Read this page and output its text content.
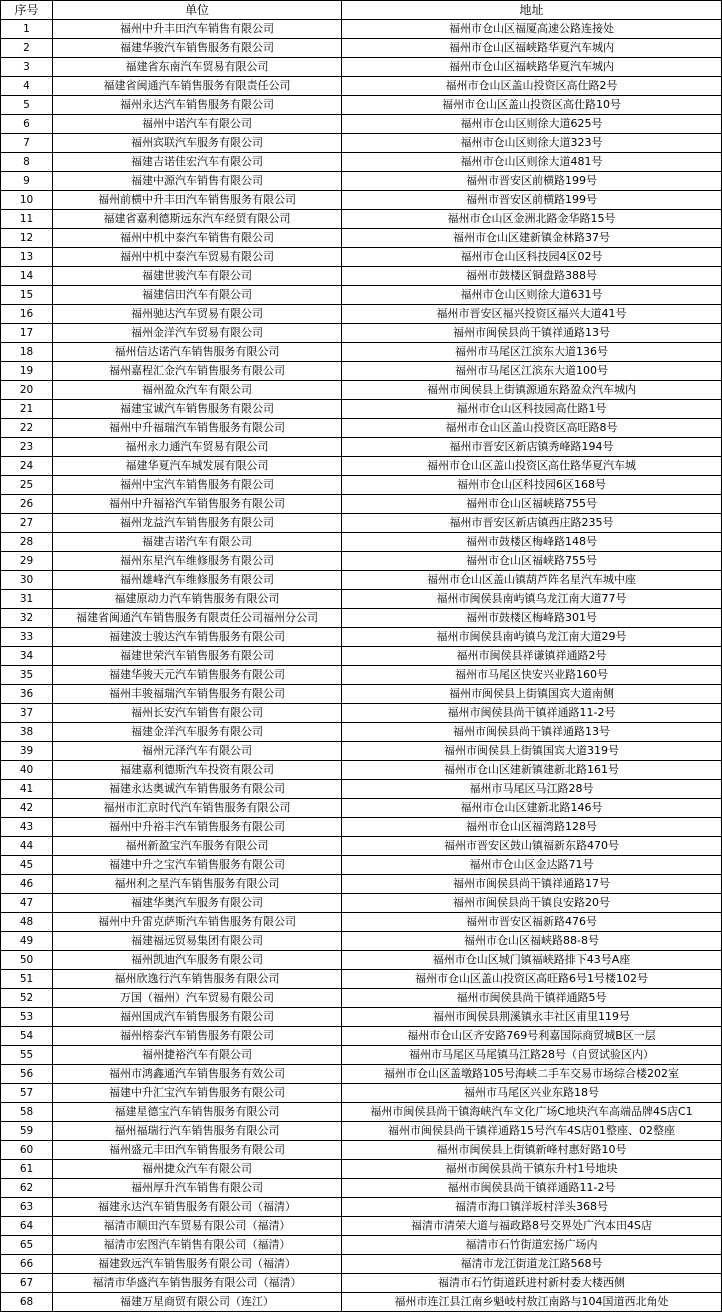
序号	单位	地址
1	福州中升丰田汽车销售有限公司	福州市仓山区福厦高速公路连接处
2	福建华骏汽车销售服务有限公司	福州市仓山区福峡路华夏汽车城内
3	福建省东南汽车贸易有限公司	福州市仓山区福峡路华夏汽车城内
4	福建省闽通汽车销售服务有限责任公司	福州市仓山区盖山投资区高仕路2号
5	福州永达汽车销售服务有限公司	福州市仓山区盖山投资区高仕路10号
6	福州中诺汽车有限公司	福州市仓山区则徐大道625号
7	福州宾联汽车服务有限公司	福州市仓山区则徐大道323号
8	福建吉诺佳宏汽车有限公司	福州市仓山区则徐大道481号
9	福建中源汽车销售有限公司	福州市晋安区前横路199号
10	福州前横中升丰田汽车销售服务有限公司	福州市晋安区前横路199号
11	福建省嘉利德斯远东汽车经贸有限公司	福州市仓山区金洲北路金华路15号
12	福州中机中泰汽车销售有限公司	福州市仓山区建新镇金林路37号
13	福州中机中泰汽车贸易有限公司	福州市仓山区科技园4区02号
14	福建世骏汽车有限公司	福州市鼓楼区铜盘路388号
15	福建信田汽车有限公司	福州市仓山区则徐大道631号
16	福州驰达汽车贸易有限公司	福州市晋安区福兴投资区福兴大道41号
17	福州金洋汽车贸易有限公司	福州市闽侯县尚干镇祥通路13号
18	福州信达诺汽车销售服务有限公司	福州市马尾区江滨东大道136号
19	福州嘉程汇金汽车销售服务有限公司	福州市马尾区江滨东大道100号
20	福州盈众汽车有限公司	福州市闽侯县上街镇源通东路盈众汽车城内
21	福建宝诚汽车销售服务有限公司	福州市仓山区科技园高仕路1号
22	福州中升福瑞汽车销售服务有限公司	福州市仓山区盖山投资区高旺路8号
23	福州永力通汽车贸易有限公司	福州市晋安区新店镇秀峰路194号
24	福建华夏汽车城发展有限公司	福州市仓山区盖山投资区高仕路华夏汽车城
25	福州中宝汽车销售服务有限公司	福州市仓山区科技园6区168号
26	福州中升福裕汽车销售服务有限公司	福州市仓山区福峡路755号
27	福州龙益汽车销售服务有限公司	福州市晋安区新店镇西庄路235号
28	福建吉诺汽车有限公司	福州市鼓楼区梅峰路148号
29	福州东星汽车维修服务有限公司	福州市仓山区福峡路755号
30	福州雄峰汽车维修服务有限公司	福州市仓山区盖山镇葫芦阵名星汽车城中座
31	福建原动力汽车销售服务有限公司	福州市闽侯县南屿镇乌龙江南大道77号
32	福建省闽通汽车销售服务有限责任公司福州分公司	福州市鼓楼区梅峰路301号
33	福建波士骏达汽车销售服务有限公司	福州市闽侯县南屿镇乌龙江南大道29号
34	福建世荣汽车销售服务有限公司	福州市闽侯县祥谦镇祥通路2号
35	福建华骏天元汽车销售服务有限公司	福州市马尾区快安兴业路160号
36	福州丰骏福瑞汽车销售服务有限公司	福州市闽侯县上街镇国宾大道南侧
37	福州长安汽车销售有限公司	福州市闽侯县尚干镇祥通路11-2号
38	福建金洋汽车服务有限公司	福州市闽侯县尚干镇祥通路13号
39	福州元泽汽车有限公司	福州市闽侯县上街镇国宾大道319号
40	福建嘉利德斯汽车投资有限公司	福州市仓山区建新镇建新北路161号
41	福建永达奥诚汽车销售服务有限公司	福州市马尾区马江路28号
42	福州市汇京时代汽车销售服务有限公司	福州市仓山区建新北路146号
43	福州中升裕丰汽车销售服务有限公司	福州市仓山区福湾路128号
44	福州新盈宝汽车服务有限公司	福州市晋安区鼓山镇福新东路470号
45	福建中升之宝汽车销售服务有限公司	福州市仓山区金达路71号
46	福州利之星汽车销售服务有限公司	福州市闽侯县尚干镇祥通路17号
47	福建华奥汽车服务有限公司	福州市闽侯县尚干镇良安路20号
48	福州中升雷克萨斯汽车销售服务有限公司	福州市晋安区福新路476号
49	福建福远贸易集团有限公司	福州市仓山区福峡路88-8号
50	福州凯迪汽车服务有限公司	福州市仓山区城门镇福峡路排下43号A座
51	福州欣逸行汽车销售服务有限公司	福州市仓山区盖山投资区高旺路6号1号楼102号
52	万国（福州）汽车贸易有限公司	福州市闽侯县尚干镇祥通路5号
53	福州国成汽车销售服务有限公司	福州市闽侯县荆溪镇永丰社区甫里119号
54	福州榕泰汽车销售服务有限公司	福州市仓山区齐安路769号利嘉国际商贸城B区一层
55	福州捷裕汽车有限公司	福州市马尾区马尾镇马江路28号（自贸试验区内）
56	福州市鸿鑫通汽车销售服务有效公司	福州市仓山区盖墩路105号海峡二手车交易市场综合楼202室
57	福建中升汇宝汽车销售服务有限公司	福州市马尾区兴业东路18号
58	福建星德宝汽车销售服务有限公司	福州市闽侯县尚干镇海峡汽车文化广场C地块汽车高端品牌4S店C1
59	福州福瑞行汽车销售服务有限公司	福州市闽侯县尚干镇祥通路15号汽车4S店01整座、02整座
60	福州盛元丰田汽车销售服务有限公司	福州市闽侯县上街镇新峰村惠好路10号
61	福州捷众汽车有限公司	福州市闽侯县尚干镇东升村1号地块
62	福州厚升汽车销售有限公司	福州市闽侯县尚干镇祥通路11-2号
63	福建永达汽车销售服务有限公司（福清）	福清市海口镇洋坂村洋头368号
64	福清市顺田汽车贸易有限公司（福清）	福清市清荣大道与福政路8号交界处广汽本田4S店
65	福清市宏图汽车销售有限公司（福清）	福清市石竹街道宏扬广场内
66	福建致远汽车销售服务有限公司（福清）	福清市龙江街道龙江路568号
67	福清市华盛汽车销售服务有限公司（福清）	福清市石竹街道跃进村新村委大楼西侧
68	福建万星商贸有限公司（连江）	福州市连江县江南乡魁岐村敖江南路与104国道西北角处
